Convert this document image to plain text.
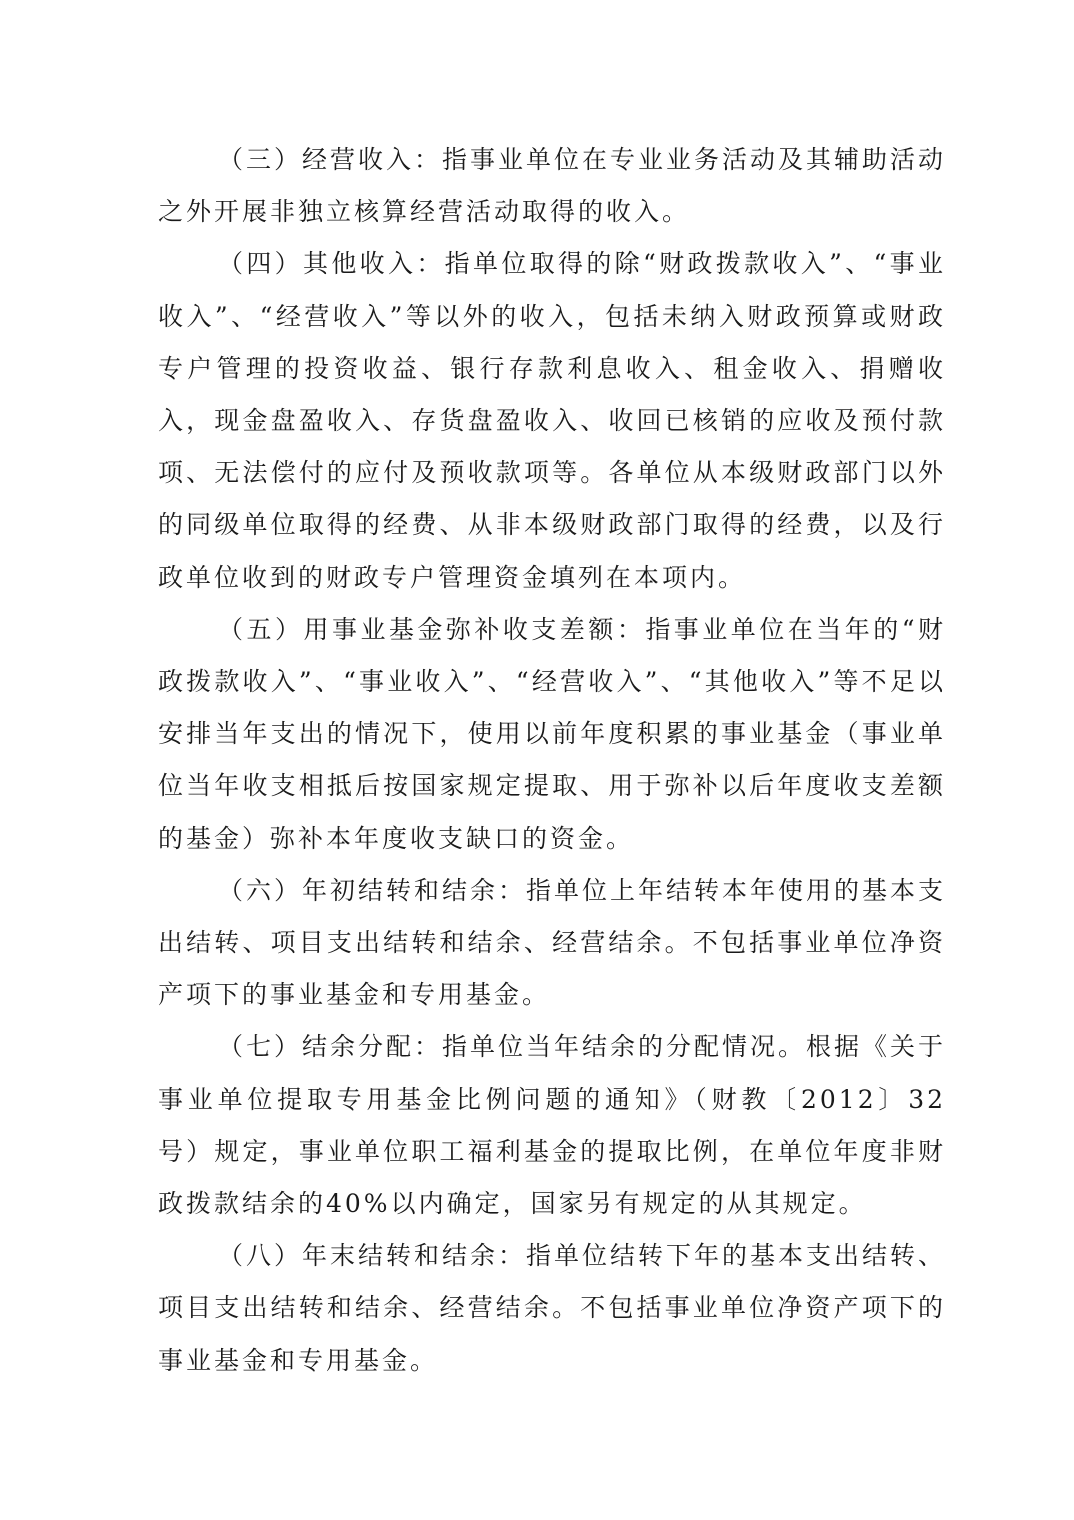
（三）经营收入：指事业单位在专业业务活动及其辅助活动之外开展非独立核算经营活动取得的收入。

（四）其他收入：指单位取得的除“财政拨款收入”、“事业收入”、“经营收入”等以外的收入，包括未纳入财政预算或财政专户管理的投资收益、银行存款利息收入、租金收入、捐赠收入，现金盘盈收入、存货盘盈收入、收回已核销的应收及预付款项、无法偿付的应付及预收款项等。各单位从本级财政部门以外的同级单位取得的经费、从非本级财政部门取得的经费，以及行政单位收到的财政专户管理资金填列在本项内。

（五）用事业基金弥补收支差额：指事业单位在当年的“财政拨款收入”、“事业收入”、“经营收入”、“其他收入”等不足以安排当年支出的情况下，使用以前年度积累的事业基金（事业单位当年收支相抵后按国家规定提取、用于弥补以后年度收支差额的基金）弥补本年度收支缺口的资金。

（六）年初结转和结余：指单位上年结转本年使用的基本支出结转、项目支出结转和结余、经营结余。不包括事业单位净资产项下的事业基金和专用基金。

（七）结余分配：指单位当年结余的分配情况。根据《关于事业单位提取专用基金比例问题的通知》（财教〔2012〕32号）规定，事业单位职工福利基金的提取比例，在单位年度非财政拨款结余的40%以内确定，国家另有规定的从其规定。

（八）年末结转和结余：指单位结转下年的基本支出结转、项目支出结转和结余、经营结余。不包括事业单位净资产项下的事业基金和专用基金。
